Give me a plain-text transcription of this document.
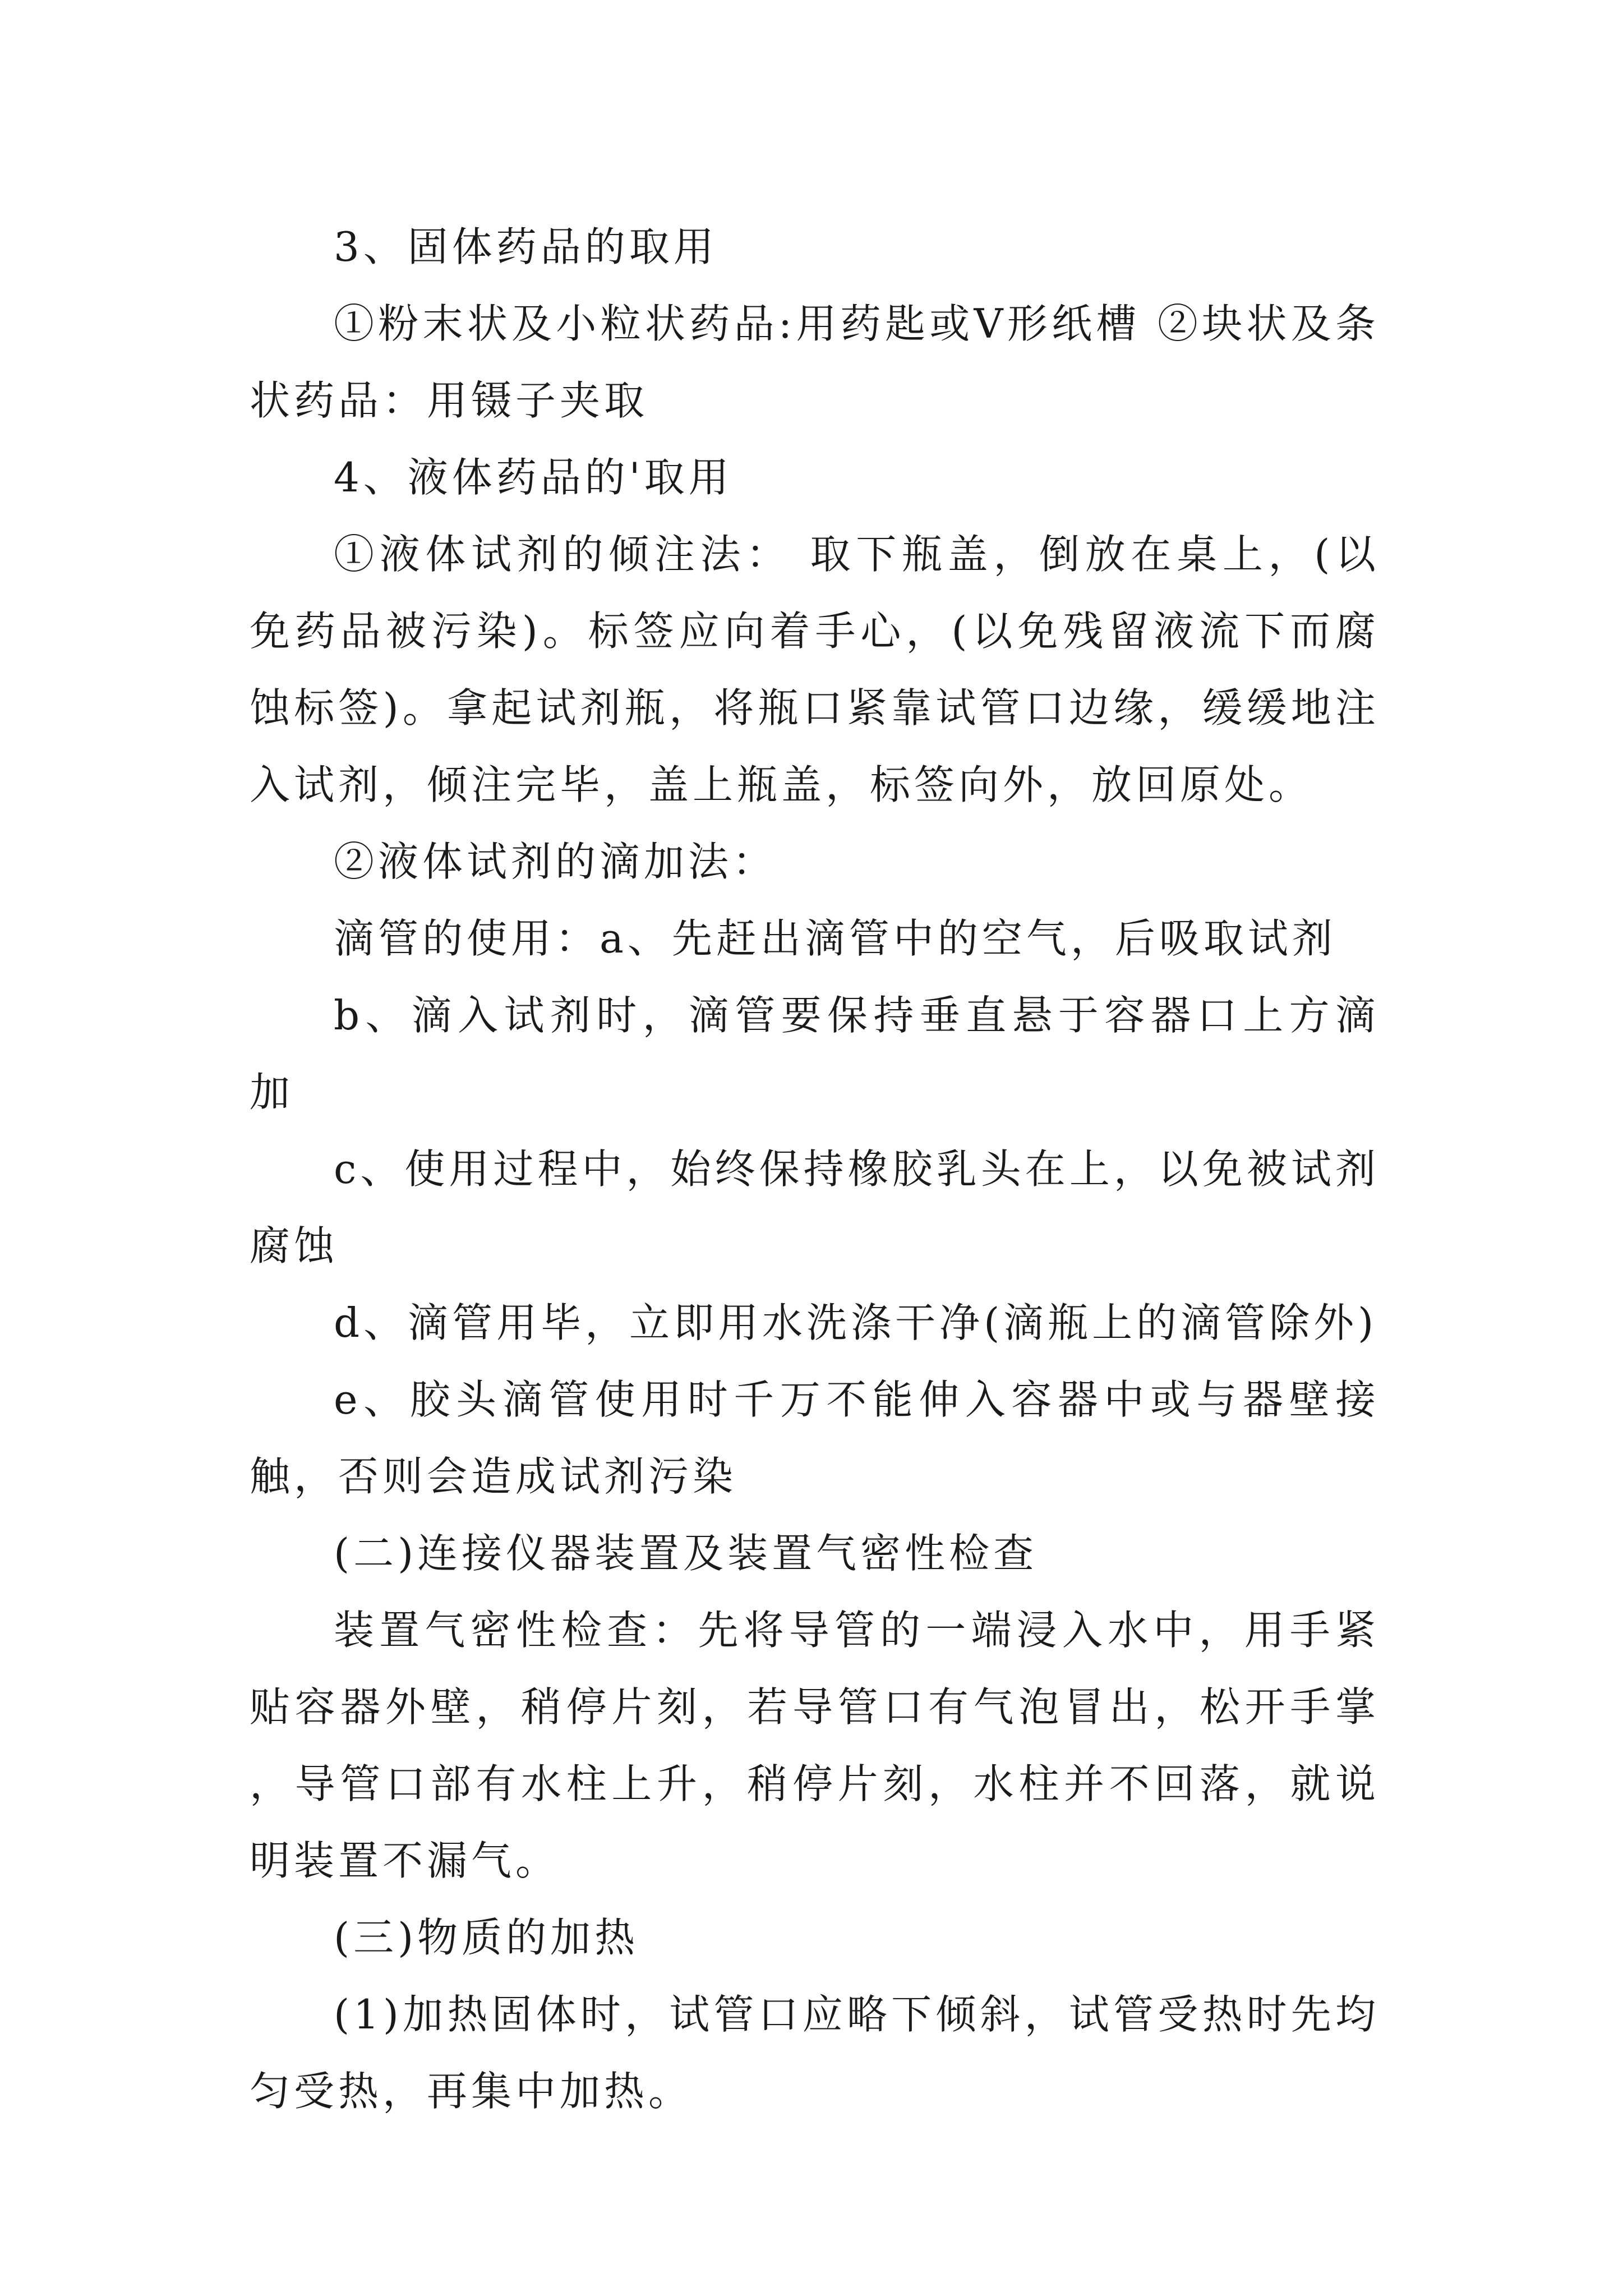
3、固体药品的取用

①粉末状及小粒状药品:用药匙或V形纸槽 ②块状及条状药品：用镊子夹取

4、液体药品的'取用

①液体试剂的倾注法： 取下瓶盖，倒放在桌上，(以免药品被污染)。标签应向着手心，(以免残留液流下而腐蚀标签)。拿起试剂瓶，将瓶口紧靠试管口边缘，缓缓地注入试剂，倾注完毕，盖上瓶盖，标签向外，放回原处。

②液体试剂的滴加法：

滴管的使用：a、先赶出滴管中的空气，后吸取试剂

b、滴入试剂时，滴管要保持垂直悬于容器口上方滴加

c、使用过程中，始终保持橡胶乳头在上，以免被试剂腐蚀

d、滴管用毕，立即用水洗涤干净(滴瓶上的滴管除外)

e、胶头滴管使用时千万不能伸入容器中或与器壁接触，否则会造成试剂污染

(二)连接仪器装置及装置气密性检查

装置气密性检查：先将导管的一端浸入水中，用手紧贴容器外壁，稍停片刻，若导管口有气泡冒出，松开手掌，导管口部有水柱上升，稍停片刻，水柱并不回落，就说明装置不漏气。

(三)物质的加热

(1)加热固体时，试管口应略下倾斜，试管受热时先均匀受热，再集中加热。
